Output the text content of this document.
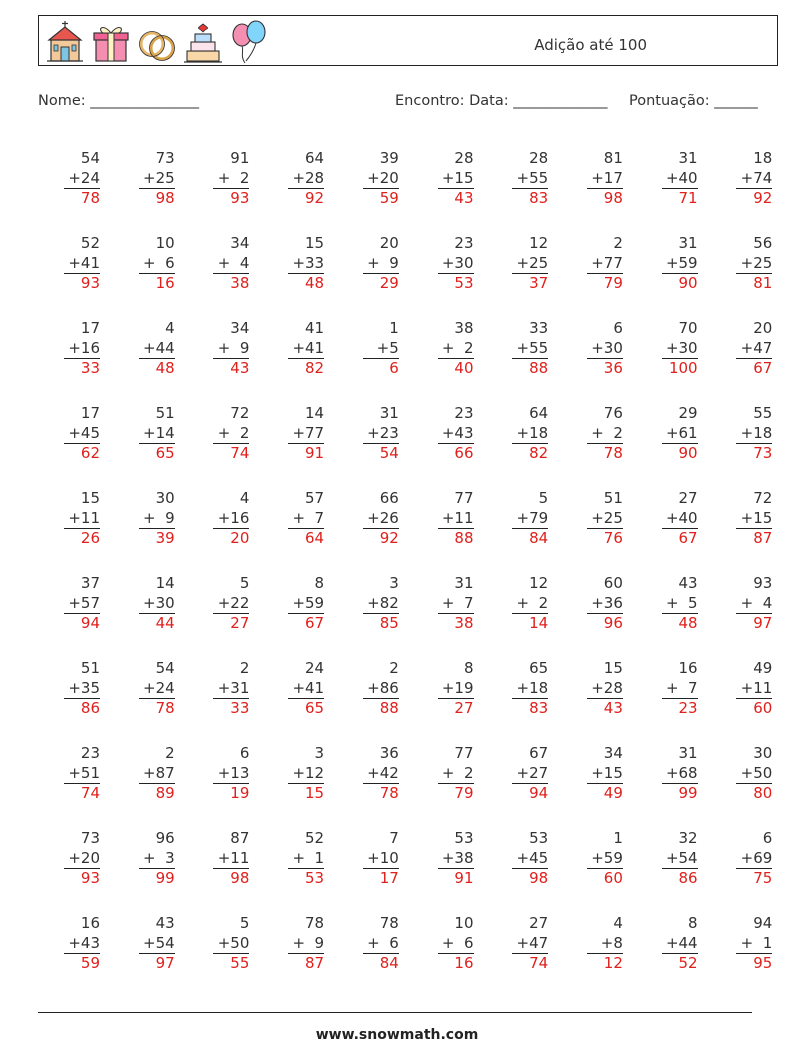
Adição até 100
Nome: _______________	Encontro: Data: _____________ Pontuação: ______
54
+24
78
73
+25
98
91
+  2
93
64
+28
92
39
+20
59
28
+15
43
28
+55
83
81
+17
98
31
+40
71
18
+74
92
52
+41
93
10
+  6
16
34
+  4
38
15
+33
48
20
+  9
29
23
+30
53
12
+25
37
2
+77
79
31
+59
90
56
+25
81
17
+16
33
4
+44
48
34
+  9
43
41
+41
82
1
+5
6
38
+  2
40
33
+55
88
6
+30
36
70
+30
100
20
+47
67
17
+45
62
51
+14
65
72
+  2
74
14
+77
91
31
+23
54
23
+43
66
64
+18
82
76
+  2
78
29
+61
90
55
+18
73
15
+11
26
30
+  9
39
4
+16
20
57
+  7
64
66
+26
92
77
+11
88
5
+79
84
51
+25
76
27
+40
67
72
+15
87
37
+57
94
14
+30
44
5
+22
27
8
+59
67
3
+82
85
31
+  7
38
12
+  2
14
60
+36
96
43
+  5
48
93
+  4
97
51
+35
86
54
+24
78
2
+31
33
24
+41
65
2
+86
88
8
+19
27
65
+18
83
15
+28
43
16
+  7
23
49
+11
60
23
+51
74
2
+87
89
6
+13
19
3
+12
15
36
+42
78
77
+  2
79
67
+27
94
34
+15
49
31
+68
99
30
+50
80
73
+20
93
96
+  3
99
87
+11
98
52
+  1
53
7
+10
17
53
+38
91
53
+45
98
1
+59
60
32
+54
86
6
+69
75
16
+43
59
43
+54
97
5
+50
55
78
+  9
87
78
+  6
84
10
+  6
16
27
+47
74
4
+8
12
8
+44
52
94
+  1
95
www.snowmath.com
